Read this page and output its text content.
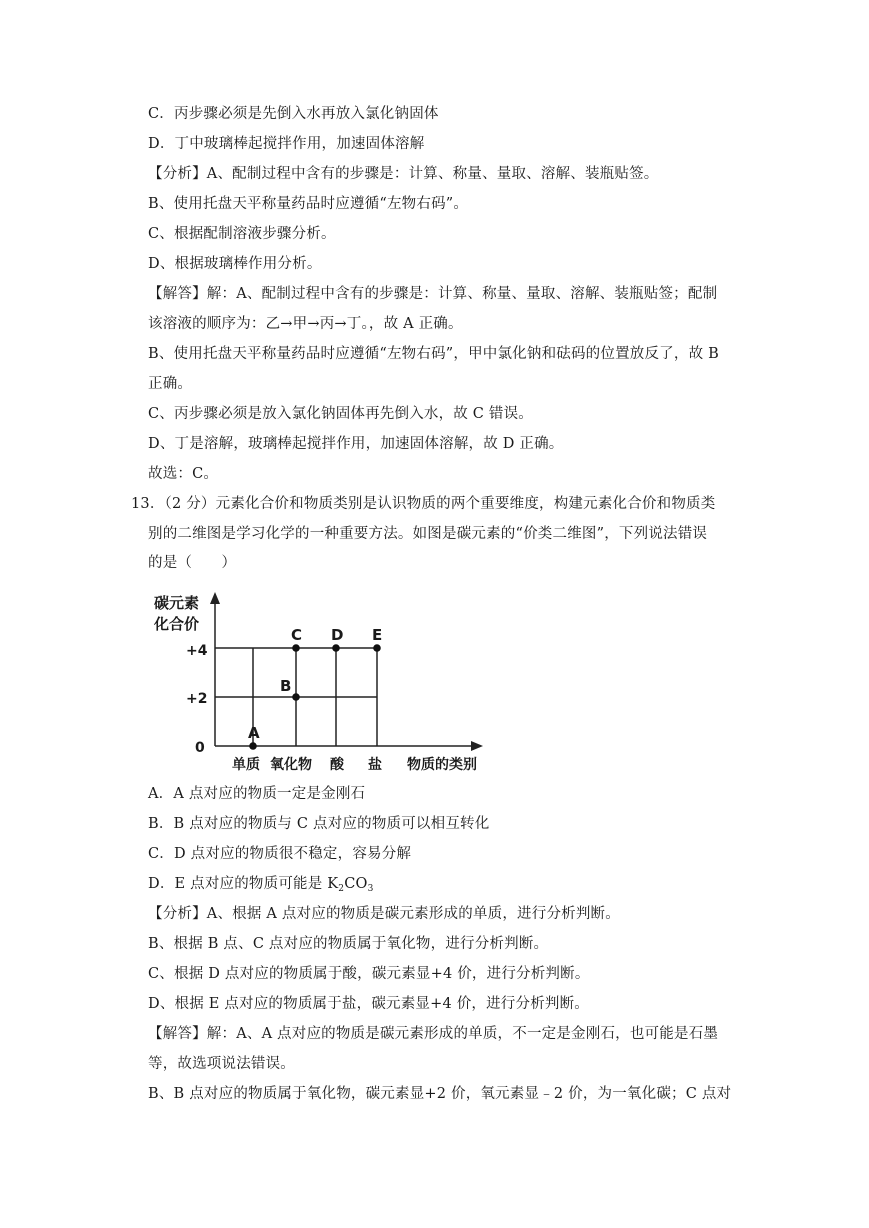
C．丙步骤必须是先倒入水再放入氯化钠固体
D．丁中玻璃棒起搅拌作用，加速固体溶解
【分析】A、配制过程中含有的步骤是：计算、称量、量取、溶解、装瓶贴签。
B、使用托盘天平称量药品时应遵循“左物右码”。
C、根据配制溶液步骤分析。
D、根据玻璃棒作用分析。
【解答】解：A、配制过程中含有的步骤是：计算、称量、量取、溶解、装瓶贴签；配制
该溶液的顺序为：乙→甲→丙→丁。，故 A 正确。
B、使用托盘天平称量药品时应遵循“左物右码”，甲中氯化钠和砝码的位置放反了，故 B
正确。
C、丙步骤必须是放入氯化钠固体再先倒入水，故 C 错误。
D、丁是溶解，玻璃棒起搅拌作用，加速固体溶解，故 D 正确。
故选：C。
13．（2 分）元素化合价和物质类别是认识物质的两个重要维度，构建元素化合价和物质类
别的二维图是学习化学的一种重要方法。如图是碳元素的“价类二维图”，下列说法错误
的是（　　）
碳元素
化合价
+4
+2
0
单质 氧化物 酸 盐 物质的类别
A
B
C D E
A．A 点对应的物质一定是金刚石
B．B 点对应的物质与 C 点对应的物质可以相互转化
C．D 点对应的物质很不稳定，容易分解
D．E 点对应的物质可能是 $K_2CO_3$
【分析】A、根据 A 点对应的物质是碳元素形成的单质，进行分析判断。
B、根据 B 点、C 点对应的物质属于氧化物，进行分析判断。
C、根据 D 点对应的物质属于酸，碳元素显+4 价，进行分析判断。
D、根据 E 点对应的物质属于盐，碳元素显+4 价，进行分析判断。
【解答】解：A、A 点对应的物质是碳元素形成的单质，不一定是金刚石，也可能是石墨
等，故选项说法错误。
B、B 点对应的物质属于氧化物，碳元素显+2 价，氧元素显﹣2 价，为一氧化碳；C 点对
